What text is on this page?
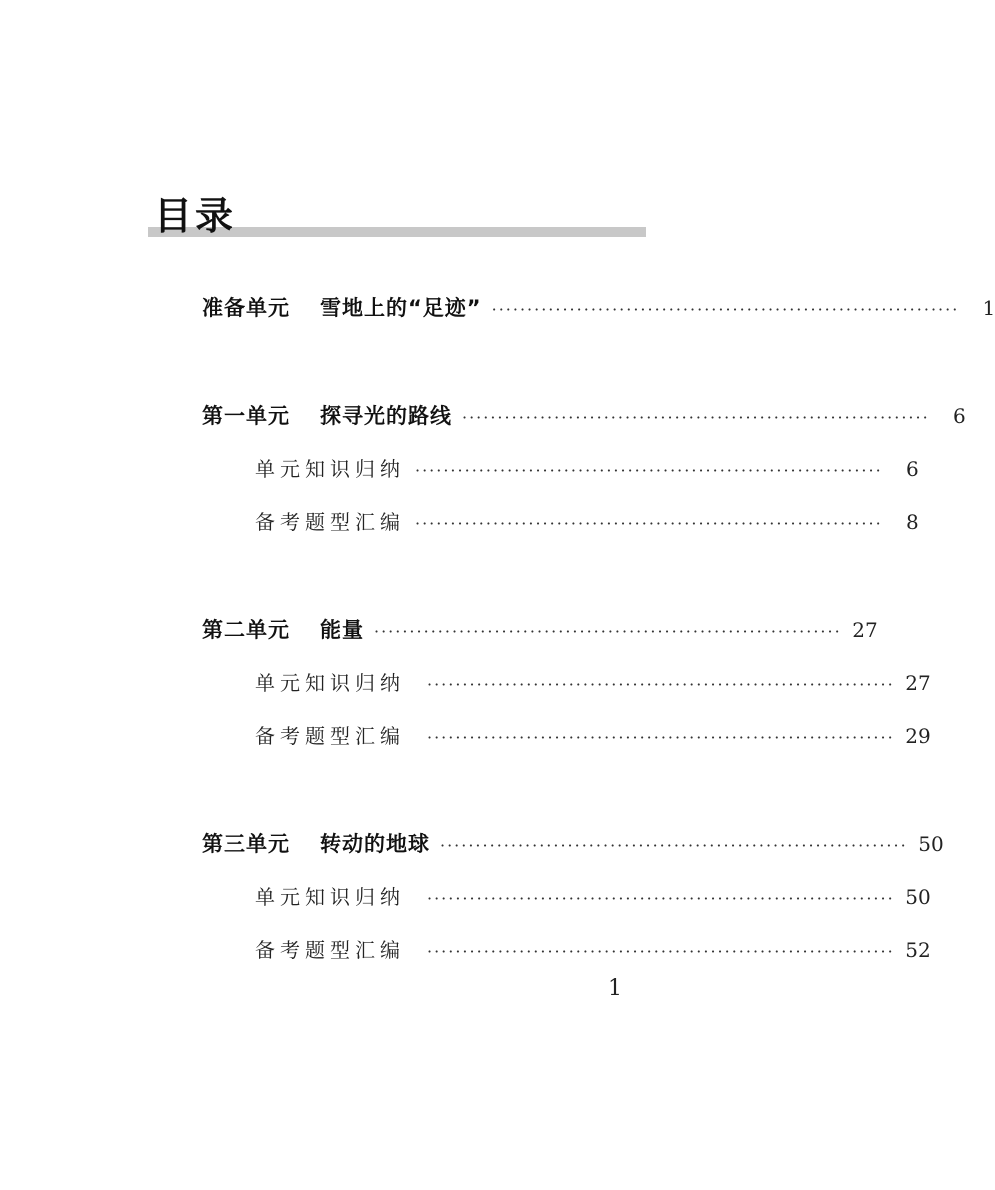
目录
准备单元 雪地上的“足迹” ··································································	1
第一单元 探寻光的路线 ··································································	6
单元知识归纳 ··································································	6
备考题型汇编 ··································································	8
第二单元 能量 ·································································· 27
单元知识归纳 ·································································· 27
备考题型汇编 ·································································· 29
第三单元 转动的地球 ·································································· 50
单元知识归纳 ·································································· 50
备考题型汇编 ·································································· 52
1
